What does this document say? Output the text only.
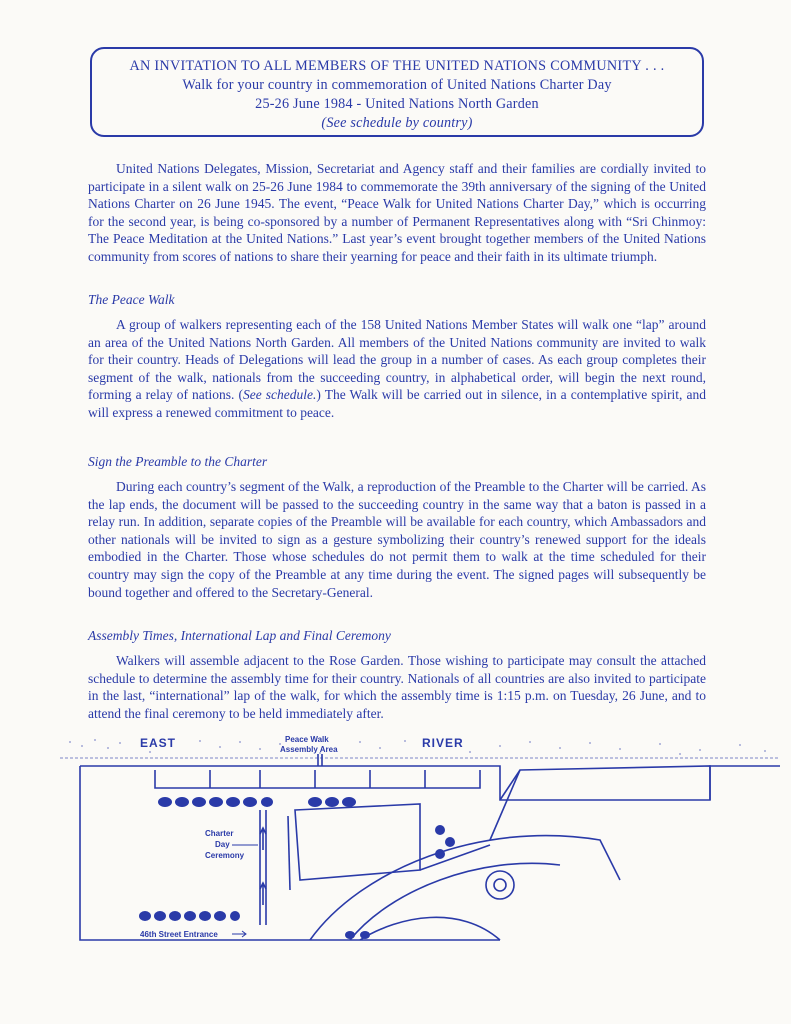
AN INVITATION TO ALL MEMBERS OF THE UNITED NATIONS COMMUNITY . . .
Walk for your country in commemoration of United Nations Charter Day
25-26 June 1984 - United Nations North Garden
(See schedule by country)

United Nations Delegates, Mission, Secretariat and Agency staff and their families are cordially invited to participate in a silent walk on 25-26 June 1984 to commemorate the 39th anniversary of the signing of the United Nations Charter on 26 June 1945. The event, “Peace Walk for United Nations Charter Day,” which is occurring for the second year, is being co-sponsored by a number of Permanent Representatives along with “Sri Chinmoy: The Peace Meditation at the United Nations.” Last year’s event brought together members of the United Nations community from scores of nations to share their yearning for peace and their faith in its ultimate triumph.

The Peace Walk

A group of walkers representing each of the 158 United Nations Member States will walk one “lap” around an area of the United Nations North Garden. All members of the United Nations community are invited to walk for their country. Heads of Delegations will lead the group in a number of cases. As each group completes their segment of the walk, nationals from the succeeding country, in alphabetical order, will begin the next round, forming a relay of nations. (See schedule.) The Walk will be carried out in silence, in a contemplative spirit, and will express a renewed commitment to peace.

Sign the Preamble to the Charter

During each country’s segment of the Walk, a reproduction of the Preamble to the Charter will be carried. As the lap ends, the document will be passed to the succeeding country in the same way that a baton is passed in a relay run. In addition, separate copies of the Preamble will be available for each country, which Ambassadors and other nationals will be invited to sign as a gesture symbolizing their country’s renewed support for the ideals embodied in the Charter. Those whose schedules do not permit them to walk at the time scheduled for their country may sign the copy of the Preamble at any time during the event. The signed pages will subsequently be bound together and offered to the Secretary-General.

Assembly Times, International Lap and Final Ceremony

Walkers will assemble adjacent to the Rose Garden. Those wishing to participate may consult the attached schedule to determine the assembly time for their country. Nationals of all countries are also invited to participate in the last, “international” lap of the walk, for which the assembly time is 1:15 p.m. on Tuesday, 26 June, and to attend the final ceremony to be held immediately after.

EAST	RIVER
Peace Walk
Assembly Area
Charter
Day
Ceremony
46th Street Entrance
